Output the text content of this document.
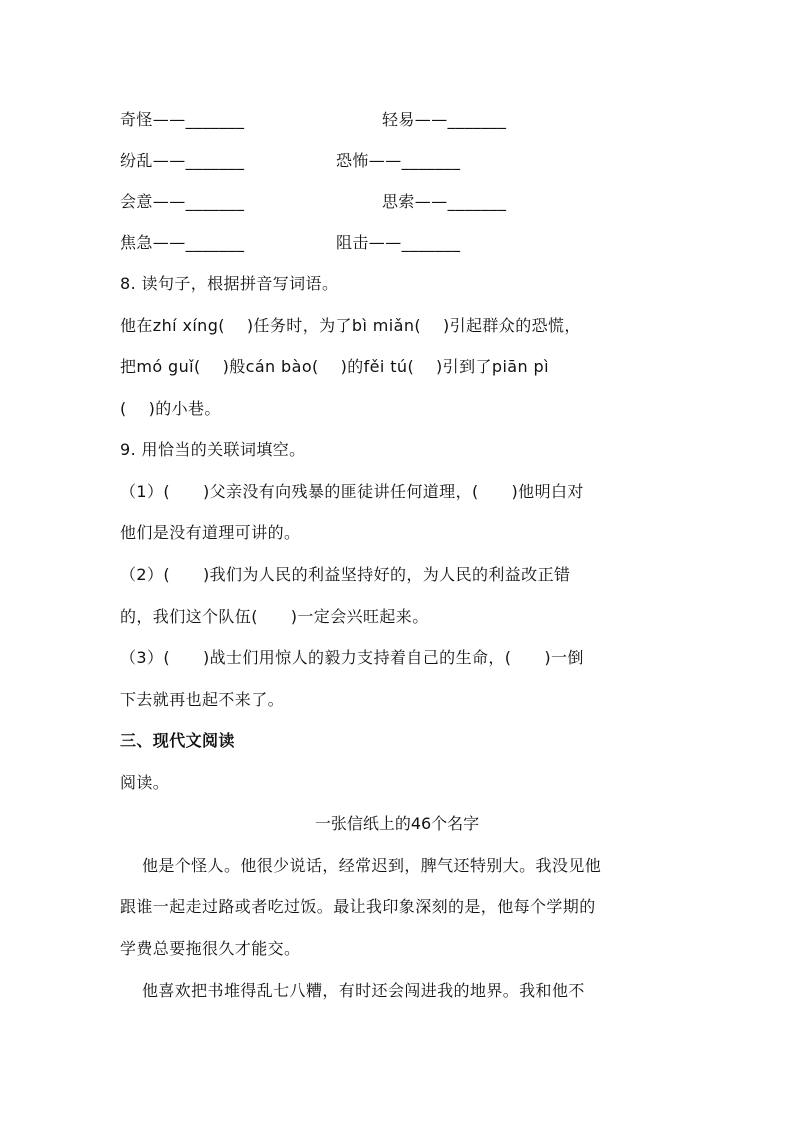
奇怪——_______	轻易——_______
纷乱——_______	恐怖——_______
会意——_______	思索——_______
焦急——_______	阻击——_______
8. 读句子，根据拼音写词语。
他在zhí xíng(    )任务时，为了bì miǎn(    )引起群众的恐慌，
把mó guǐ(    )般cán bào(    )的fěi tú(    )引到了piān pì
(    )的小巷。
9. 用恰当的关联词填空。
（1）(      )父亲没有向残暴的匪徒讲任何道理，(      )他明白对
他们是没有道理可讲的。
（2）(      )我们为人民的利益坚持好的，为人民的利益改正错
的，我们这个队伍(      )一定会兴旺起来。
（3）(      )战士们用惊人的毅力支持着自己的生命，(      )一倒
下去就再也起不来了。
三、现代文阅读
阅读。
一张信纸上的46个名字
他是个怪人。他很少说话，经常迟到，脾气还特别大。我没见他
跟谁一起走过路或者吃过饭。最让我印象深刻的是，他每个学期的
学费总要拖很久才能交。
他喜欢把书堆得乱七八糟，有时还会闯进我的地界。我和他不
